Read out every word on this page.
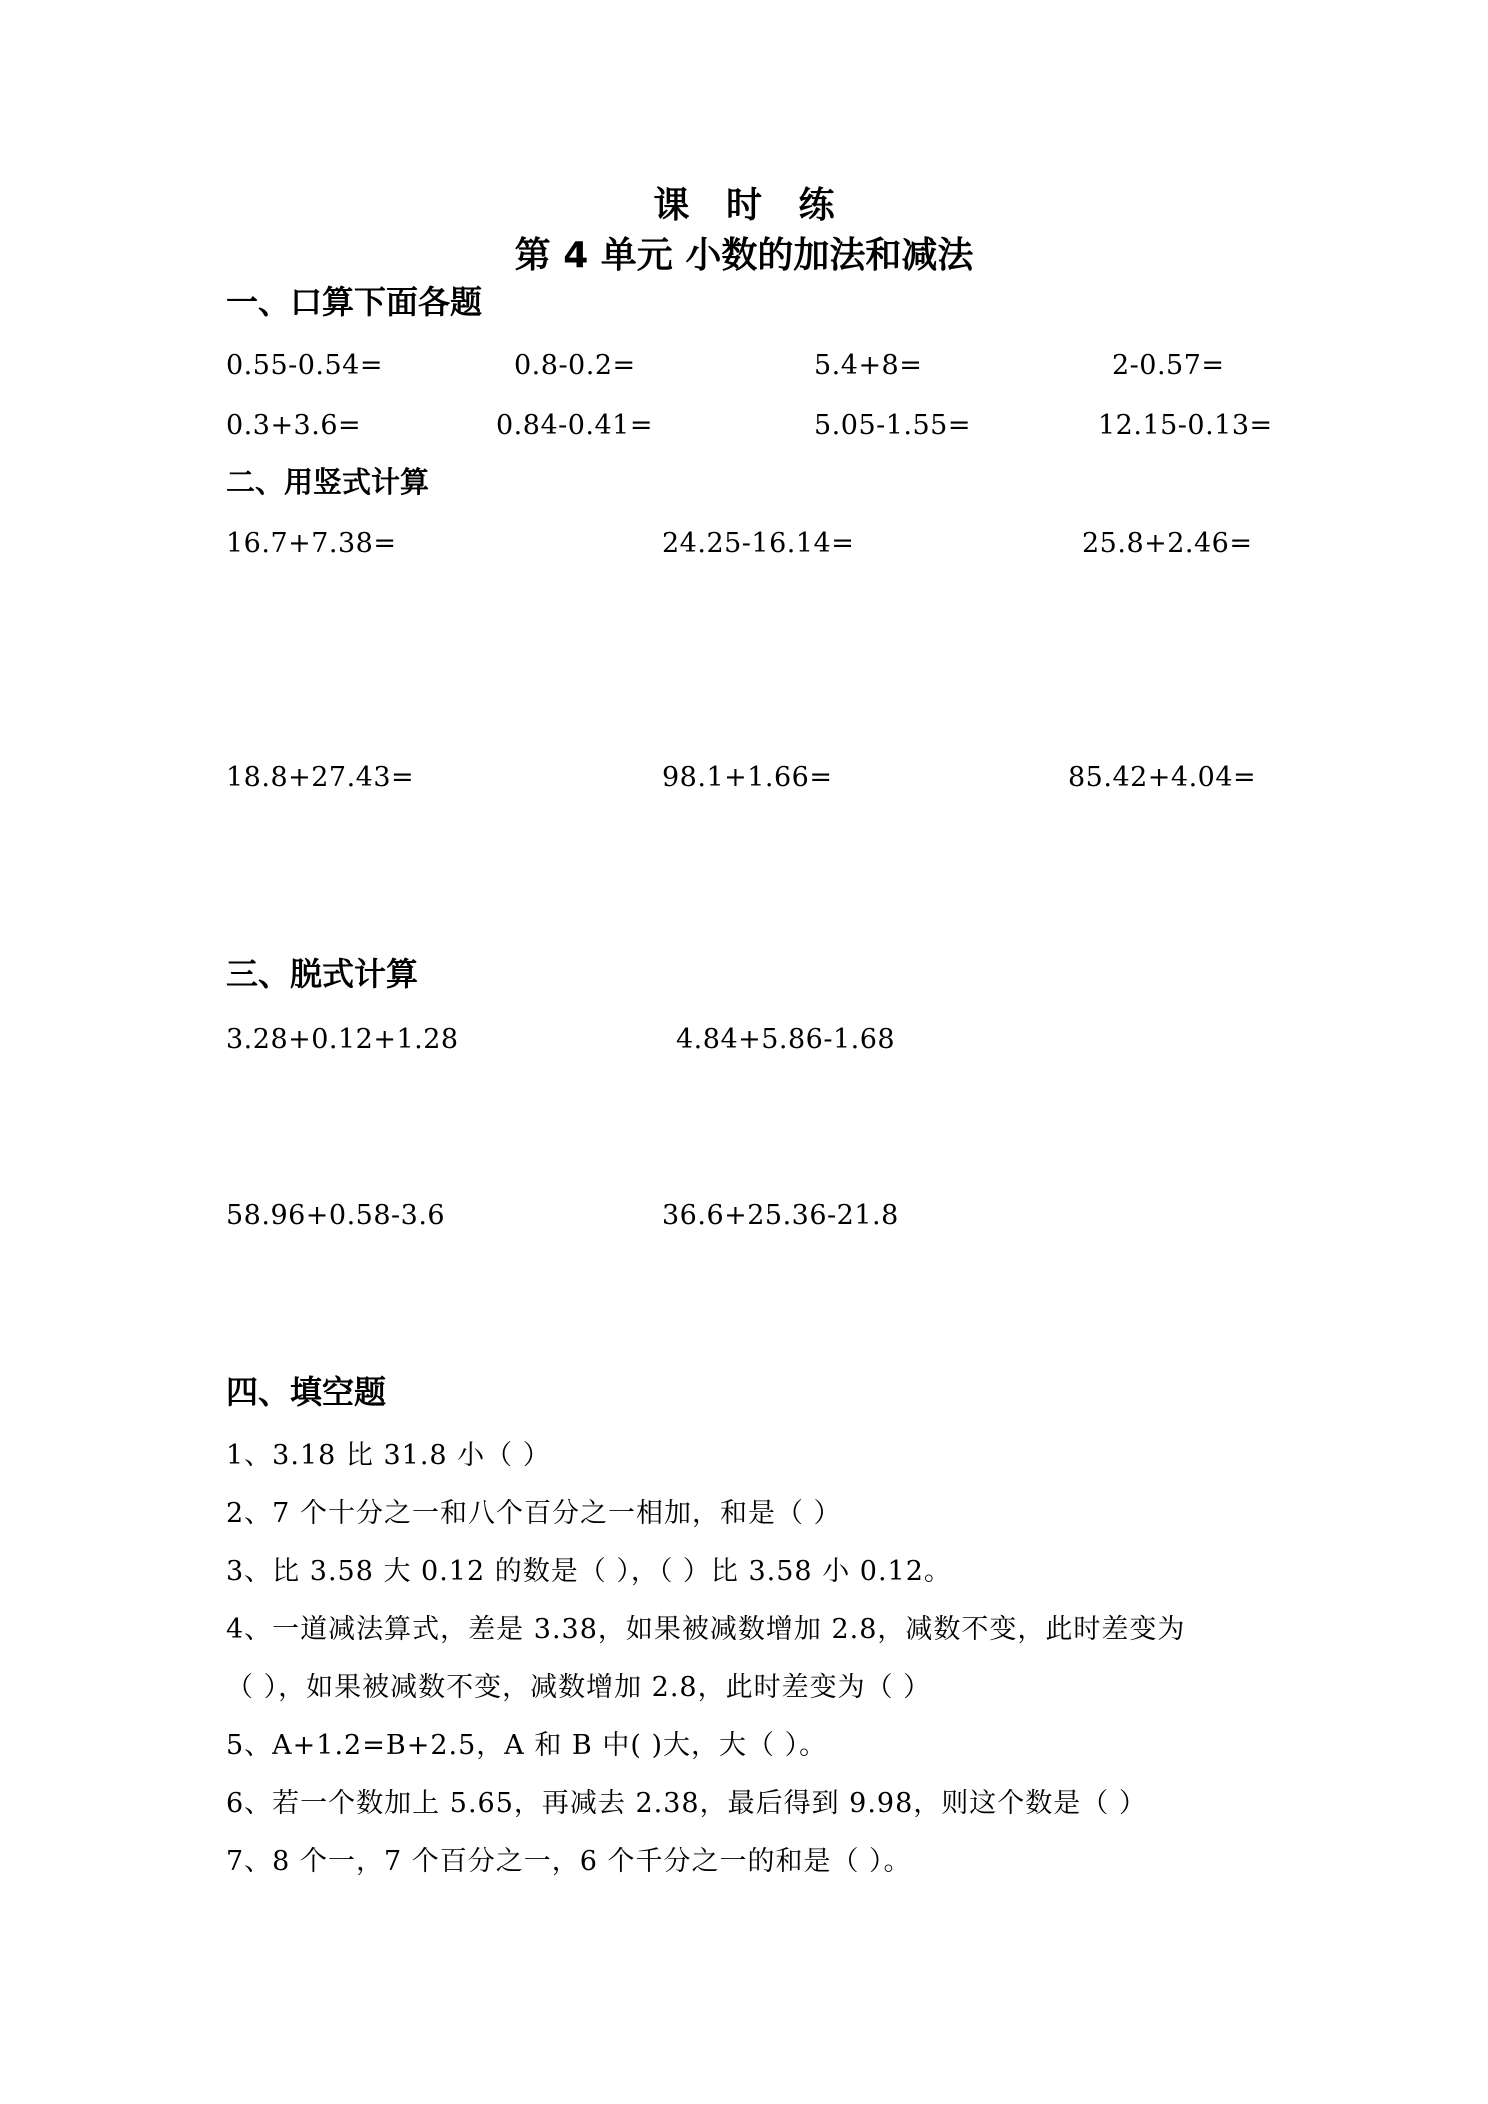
课 时 练
第 4 单元 小数的加法和减法
一、口算下面各题
0.55-0.54=	0.8-0.2=	5.4+8=	2-0.57=
0.3+3.6=	0.84-0.41=	5.05-1.55=	12.15-0.13=
二、用竖式计算
16.7+7.38=	24.25-16.14=	25.8+2.46=
18.8+27.43=	98.1+1.66=	85.42+4.04=
三、脱式计算
3.28+0.12+1.28	4.84+5.86-1.68
58.96+0.58-3.6	36.6+25.36-21.8
四、填空题
1、3.18 比 31.8 小（ ）
2、7 个十分之一和八个百分之一相加，和是（ ）
3、比 3.58 大 0.12 的数是（ ），（ ）比 3.58 小 0.12。
4、一道减法算式，差是 3.38，如果被减数增加 2.8，减数不变，此时差变为
（ ），如果被减数不变，减数增加 2.8，此时差变为（ ）
5、A+1.2=B+2.5，A 和 B 中( )大，大（ ）。
6、若一个数加上 5.65，再减去 2.38，最后得到 9.98，则这个数是（ ）
7、8 个一，7 个百分之一，6 个千分之一的和是（ ）。
